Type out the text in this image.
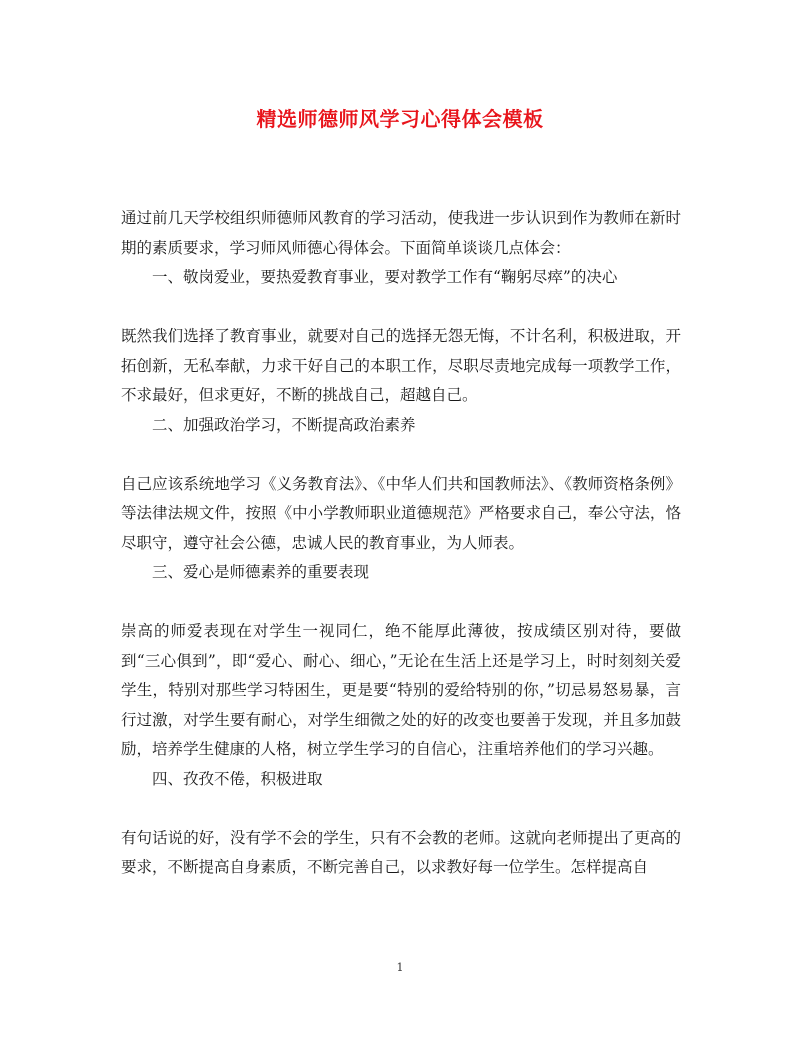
精选师德师风学习心得体会模板

通过前几天学校组织师德师风教育的学习活动，使我进一步认识到作为教师在新时期的素质要求，学习师风师德心得体会。下面简单谈谈几点体会：

一、敬岗爱业，要热爱教育事业，要对教学工作有“鞠躬尽瘁”的决心

既然我们选择了教育事业，就要对自己的选择无怨无悔，不计名利，积极进取，开拓创新，无私奉献，力求干好自己的本职工作，尽职尽责地完成每一项教学工作，不求最好，但求更好，不断的挑战自己，超越自己。

二、加强政治学习，不断提高政治素养

自己应该系统地学习《义务教育法》、《中华人们共和国教师法》、《教师资格条例》等法律法规文件，按照《中小学教师职业道德规范》严格要求自己，奉公守法，恪尽职守，遵守社会公德，忠诚人民的教育事业，为人师表。

三、爱心是师德素养的重要表现

崇高的师爱表现在对学生一视同仁，绝不能厚此薄彼，按成绩区别对待，要做到“三心俱到”，即“爱心、耐心、细心，”无论在生活上还是学习上，时时刻刻关爱学生，特别对那些学习特困生，更是要“特别的爱给特别的你，”切忌易怒易暴，言行过激，对学生要有耐心，对学生细微之处的好的改变也要善于发现，并且多加鼓励，培养学生健康的人格，树立学生学习的自信心，注重培养他们的学习兴趣。

四、孜孜不倦，积极进取

有句话说的好，没有学不会的学生，只有不会教的老师。这就向老师提出了更高的要求，不断提高自身素质，不断完善自己，以求教好每一位学生。怎样提高自

1
